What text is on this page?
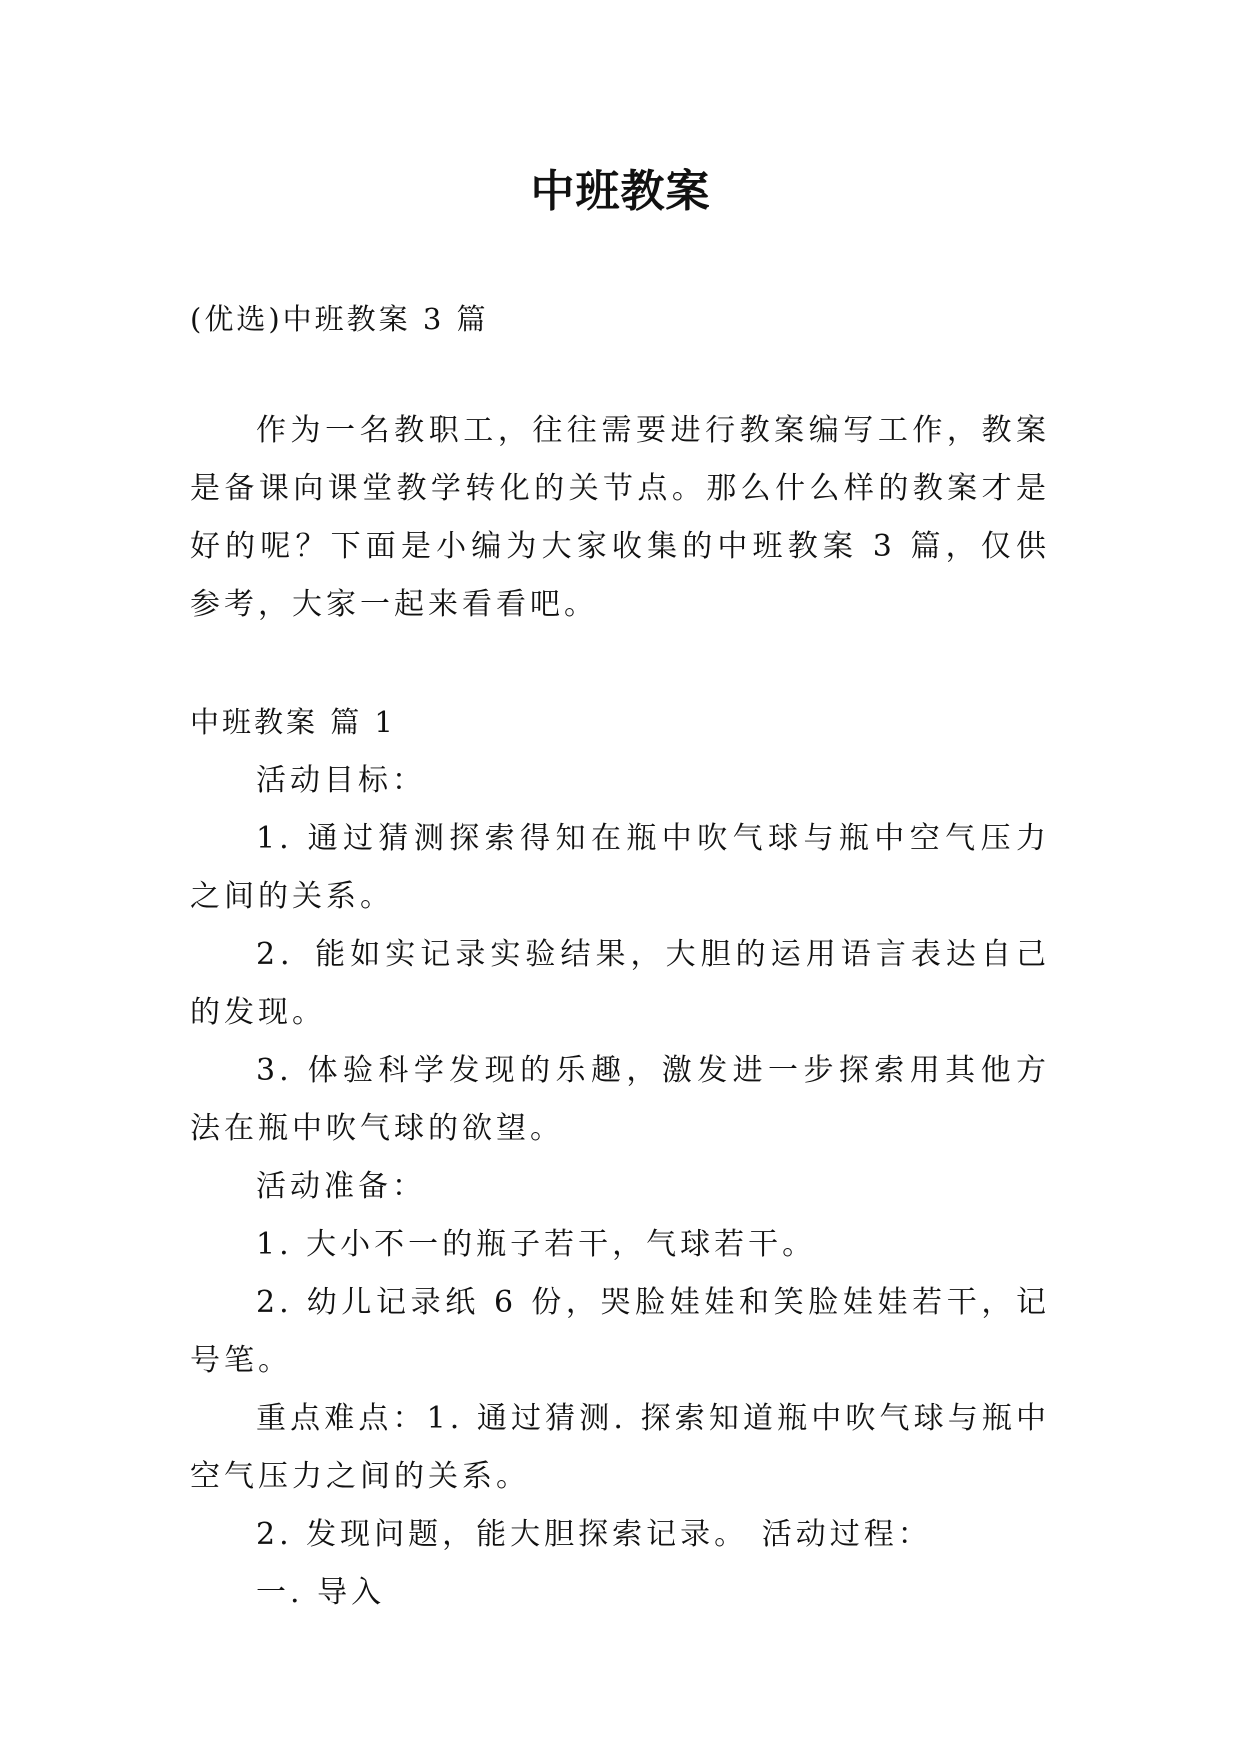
中班教案
(优选)中班教案 3 篇
作为一名教职工，往往需要进行教案编写工作，教案是备课向课堂教学转化的关节点。那么什么样的教案才是好的呢？下面是小编为大家收集的中班教案 3 篇，仅供参考，大家一起来看看吧。
中班教案 篇 1

活动目标：

1. 通过猜测探索得知在瓶中吹气球与瓶中空气压力之间的关系。

2．能如实记录实验结果，大胆的运用语言表达自己的发现。

3. 体验科学发现的乐趣，激发进一步探索用其他方法在瓶中吹气球的欲望。

活动准备：

1. 大小不一的瓶子若干，气球若干。

2. 幼儿记录纸 6 份，哭脸娃娃和笑脸娃娃若干，记号笔。

重点难点：1. 通过猜测. 探索知道瓶中吹气球与瓶中空气压力之间的关系。

2. 发现问题，能大胆探索记录。 活动过程：

一. 导入
